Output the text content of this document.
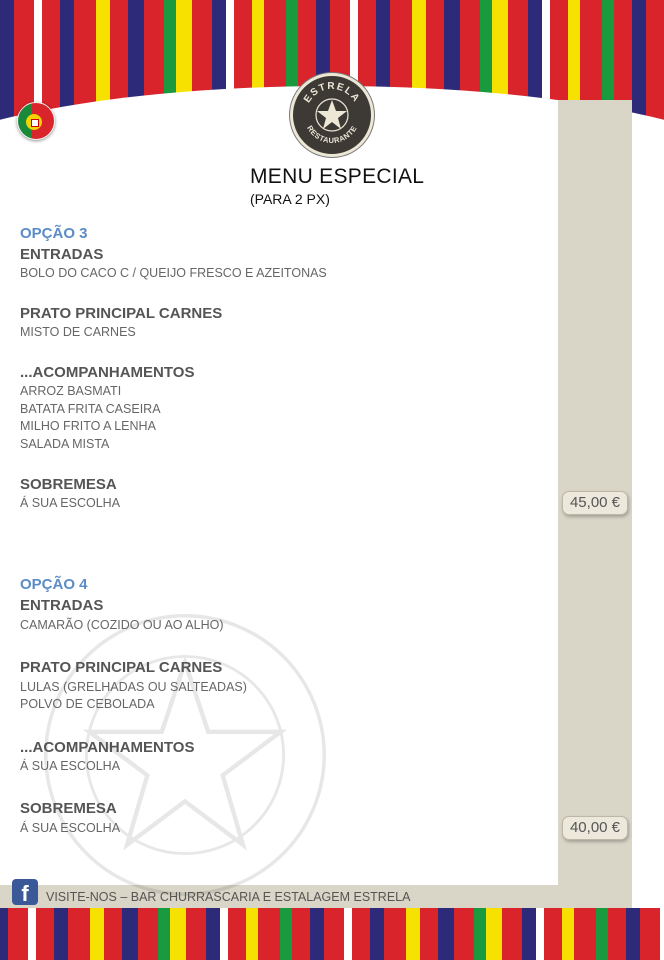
ESTRELA
RESTAURANTE
MENU ESPECIAL
(PARA 2 PX)
OPÇÃO 3
ENTRADAS
BOLO DO CACO C / QUEIJO FRESCO E AZEITONAS
PRATO PRINCIPAL CARNES
MISTO DE CARNES
...ACOMPANHAMENTOS
ARROZ BASMATI
BATATA FRITA CASEIRA
MILHO FRITO A LENHA
SALADA MISTA
SOBREMESA
Á SUA ESCOLHA	45,00 €
OPÇÃO 4
ENTRADAS
CAMARÃO (COZIDO OU AO ALHO)
PRATO PRINCIPAL CARNES
LULAS (GRELHADAS OU SALTEADAS)
POLVO DE CEBOLADA
...ACOMPANHAMENTOS
Á SUA ESCOLHA
SOBREMESA
Á SUA ESCOLHA	40,00 €
f	VISITE-NOS – BAR CHURRASCARIA E ESTALAGEM ESTRELA
